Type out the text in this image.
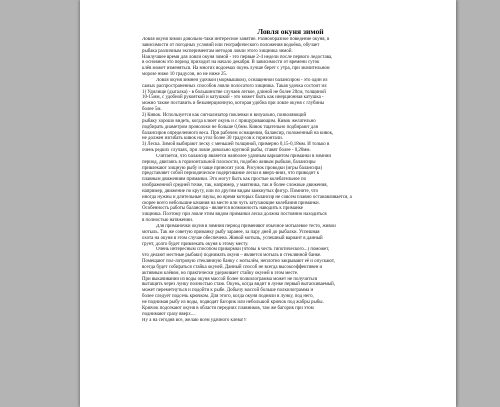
Ловля окуня зимой

Ловля окуня зимой довольно-таки интересное занятие. Разнообразное поведение окуня, в
зависимости от погодных условий или географического положения водоёма, обучает
рыбака различным экспериментам методов ловли этого хищника зимой.
Наилучшее время для ловли окуня зимой - это первые 2-4 недели после первого ледостава,
в основном это период приходит на начало декабря. В зависимости от времени суток
клёв может изменяться. На многих водоемах окунь лучше берет с утра, при значительном
морозе ниже 10 градусов, но не ниже 25.

Ловля окуня зимней удочкой (мормышкой), оснащенной балансиром - это один из
самых распространенных способов ловли полосатого хищника. Такая удочка состоит из:
1) Удилище (дыгалка) - в большинстве случаев легкое, длиной не более 20см, толщиной
10-15мм, с удобной рукояткой и катушкой - это может быть как инерционная катушка -
можно также поставить и безынерционную, которая удобна при ловле окуня с глубины
более 5м.
2) Кивок. Используется как сигнализатор поклевки и визуально, позволяющий
рыбаку хорошо видеть, когда клюет окунь и с прищуривающим. Кивок желательно
подбирать диаметром проволоки не больше 0,6мм. Кивок тщательно подбирают для
балансиров определенного веса. При рабочем оснащении, балансир, положенный на кивок,
не должен изгибать кивок на угол более 30 градусов к горизонтали.
3) Леска. Зимой выбирают леску с меньшей толщиной, примерно 0,15-0,18мм. И только в
очень редких случаях, при ловле довольно крупной рыбы, ставят более - 0,20мм.

Считается, что балансир является наиболее удачным вариантом приманки в зимний
период, двигаясь в горизонтальной плоскости, подобно живым рыбкам, балансиры
привлекают хищную рыбу и чаще приносят улов. Рисунок проводки (игры балансира)
представляет собой периодическое подергивание лески в вверх-вниз, что приводит к
плавным движениям приманки. Это могут быть как простые колебательное по
изображенной средней точке, так, например, у маятника, так и более сложные движения,
например, движение по кругу, или по другим видам замкнутых фигур. Помните, что
иногда нужны и длительные паузы, во время которых балансир не совсем плавно останавливается, а
скорее всего небольшие качания на месте или чуть затухающие колебания приманки.
Особенность работы балансира - является возможность наводить к приманке
хищника. Поэтому при ловле этим видом приманки леска должна постоянно находиться
в полностью натяжении.

Для приманочки окуня в зимний период применяют обычное мотылевое тесто, живой
мотыль. Так же советую приманку рыбу заранее, за пару дней до рыбалки. Успешная
охота на окуня в этом случае обеспечена. Живой мотыль, успешный вариант в данный
грунт, долго будет привлекать окуня к этому месту.

Очень интересным способом прикормки (чтобы в честь гипотического...) поможет,
что делают местные рыбаки) поднимать окуня – является мотыль в стеклянной банке.
Помещают пол-литровую стеклянную банку с мотылём, неплотно закрывают её и опускают,
всегда будет собираться стайка окуней. Данный способ не всегда высокоэффективен и
активным клёвом, но практически удерживает стайку окуней в этом месте.
При выкачивании из воды окуня массой более полкилограмма может не получиться
вытащить через лунку полностью стаю. Окунь, когда видит в лунке первый вытаскиваемый,
может переметнуться и подойти к рыбе. Добычу массой больше полкилограмма и
более следует подсечь крючком. Для этого, когда окуня подняли в лунку, под него,
не поднимая рыбу из воды, подводят багорик или небольшой крючок под жабры рыбы.
Крючок подсекают окуня в области передних плавников, там же багорик при этом
поднимают сразу вверх....

Ну а на сегодня всё, желаю всем удачного клёва!!!
